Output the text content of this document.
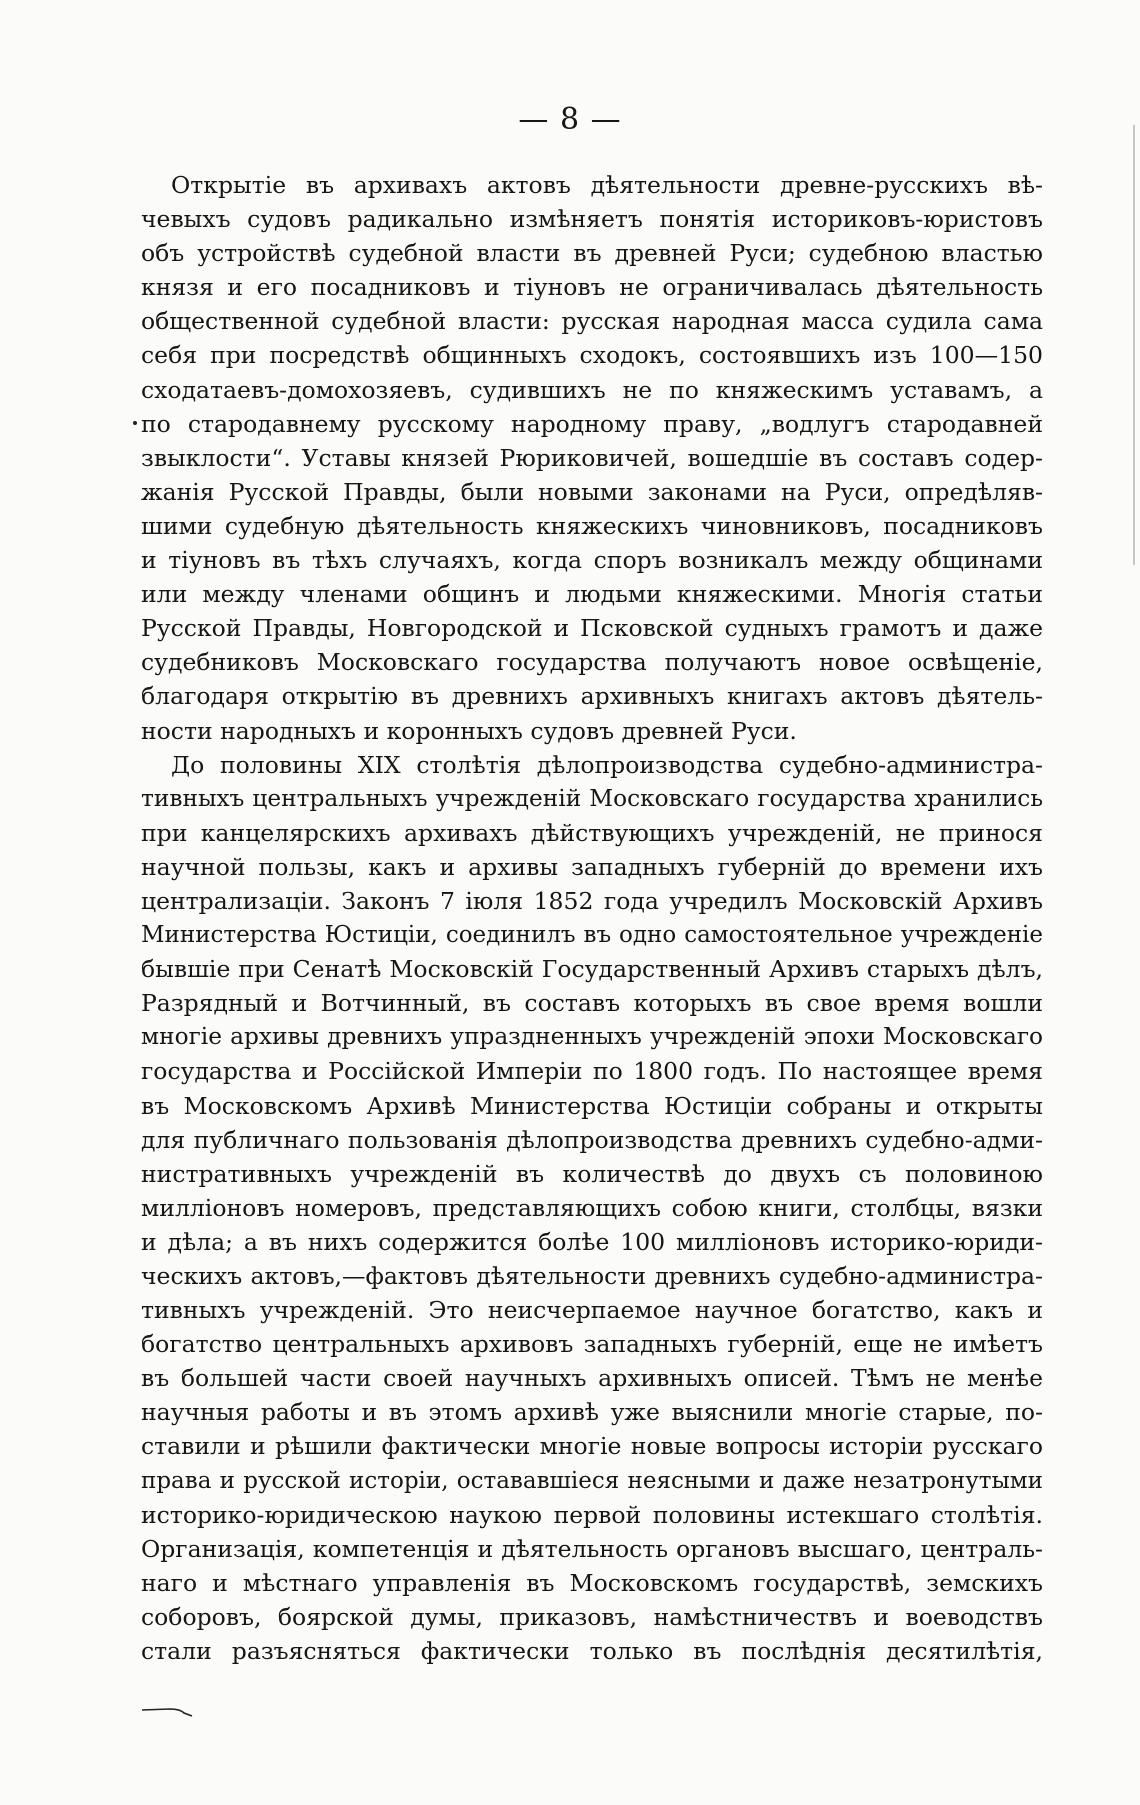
— 8 —
Открытіе въ архивахъ актовъ дѣятельности древне-русскихъ вѣ-
чевыхъ судовъ радикально измѣняетъ понятія историковъ-юристовъ
объ устройствѣ судебной власти въ древней Руси; судебною властью
князя и его посадниковъ и тіуновъ не ограничивалась дѣятельность
общественной судебной власти: русская народная масса судила сама
себя при посредствѣ общинныхъ сходокъ, состоявшихъ изъ 100—150
сходатаевъ-домохозяевъ, судившихъ не по княжескимъ уставамъ, а
по стародавнему русскому народному праву, „водлугъ стародавней
звыклости“. Уставы князей Рюриковичей, вошедшіе въ составъ содер-
жанія Русской Правды, были новыми законами на Руси, опредѣляв-
шими судебную дѣятельность княжескихъ чиновниковъ, посадниковъ
и тіуновъ въ тѣхъ случаяхъ, когда споръ возникалъ между общинами
или между членами общинъ и людьми княжескими. Многія статьи
Русской Правды, Новгородской и Псковской судныхъ грамотъ и даже
судебниковъ Московскаго государства получаютъ новое освѣщеніе,
благодаря открытію въ древнихъ архивныхъ книгахъ актовъ дѣятель-
ности народныхъ и коронныхъ судовъ древней Руси.
До половины XIX столѣтія дѣлопроизводства судебно-администра-
тивныхъ центральныхъ учрежденій Московскаго государства хранились
при канцелярскихъ архивахъ дѣйствующихъ учрежденій, не принося
научной пользы, какъ и архивы западныхъ губерній до времени ихъ
централизаціи. Законъ 7 іюля 1852 года учредилъ Московскій Архивъ
Министерства Юстиціи, соединилъ въ одно самостоятельное учрежденіе
бывшіе при Сенатѣ Московскій Государственный Архивъ старыхъ дѣлъ,
Разрядный и Вотчинный, въ составъ которыхъ въ свое время вошли
многіе архивы древнихъ упраздненныхъ учрежденій эпохи Московскаго
государства и Россійской Имперіи по 1800 годъ. По настоящее время
въ Московскомъ Архивѣ Министерства Юстиціи собраны и открыты
для публичнаго пользованія дѣлопроизводства древнихъ судебно-адми-
нистративныхъ учрежденій въ количествѣ до двухъ съ половиною
милліоновъ номеровъ, представляющихъ собою книги, столбцы, вязки
и дѣла; а въ нихъ содержится болѣе 100 милліоновъ историко-юриди-
ческихъ актовъ,—фактовъ дѣятельности древнихъ судебно-администра-
тивныхъ учрежденій. Это неисчерпаемое научное богатство, какъ и
богатство центральныхъ архивовъ западныхъ губерній, еще не имѣетъ
въ большей части своей научныхъ архивныхъ описей. Тѣмъ не менѣе
научныя работы и въ этомъ архивѣ уже выяснили многіе старые, по-
ставили и рѣшили фактически многіе новые вопросы исторіи русскаго
права и русской исторіи, остававшіеся неясными и даже незатронутыми
историко-юридическою наукою первой половины истекшаго столѣтія.
Организація, компетенція и дѣятельность органовъ высшаго, централь-
наго и мѣстнаго управленія въ Московскомъ государствѣ, земскихъ
соборовъ, боярской думы, приказовъ, намѣстничествъ и воеводствъ
стали разъясняться фактически только въ послѣднія десятилѣтія,
